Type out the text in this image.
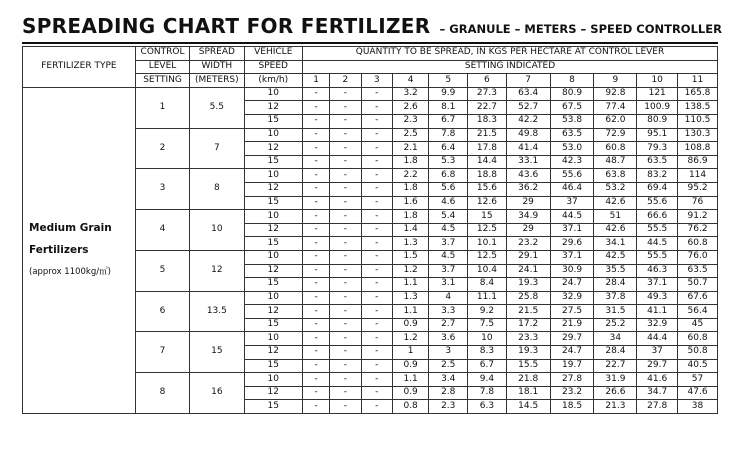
SPREADING CHART FOR FERTILIZER – GRANULE – METERS – SPEED CONTROLLER
FERTILIZER TYPE	CONTROL	SPREAD	VEHICLE	QUANTITY TO BE SPREAD, IN KGS PER HECTARE AT CONTROL LEVER										
	LEVEL	WIDTH	SPEED	SETTING INDICATED										
	SETTING	(METERS)	(km/h)	1	2	3	4	5	6	7	8	9	10	11

Medium Grain
Fertilizers
(approx 1100kg/㎥)	1	5.5	10	-	-	-	3.2	9.9	27.3	63.4	80.9	92.8	121	165.8
			12	-	-	-	2.6	8.1	22.7	52.7	67.5	77.4	100.9	138.5
			15	-	-	-	2.3	6.7	18.3	42.2	53.8	62.0	80.9	110.5
	2	7	10	-	-	-	2.5	7.8	21.5	49.8	63.5	72.9	95.1	130.3
			12	-	-	-	2.1	6.4	17.8	41.4	53.0	60.8	79.3	108.8
			15	-	-	-	1.8	5.3	14.4	33.1	42.3	48.7	63.5	86.9
	3	8	10	-	-	-	2.2	6.8	18.8	43.6	55.6	63.8	83.2	114
			12	-	-	-	1.8	5.6	15.6	36.2	46.4	53.2	69.4	95.2
			15	-	-	-	1.6	4.6	12.6	29	37	42.6	55.6	76
	4	10	10	-	-	-	1.8	5.4	15	34.9	44.5	51	66.6	91.2
			12	-	-	-	1.4	4.5	12.5	29	37.1	42.6	55.5	76.2
			15	-	-	-	1.3	3.7	10.1	23.2	29.6	34.1	44.5	60.8
	5	12	10	-	-	-	1.5	4.5	12.5	29.1	37.1	42.5	55.5	76.0
			12	-	-	-	1.2	3.7	10.4	24.1	30.9	35.5	46.3	63.5
			15	-	-	-	1.1	3.1	8.4	19.3	24.7	28.4	37.1	50.7
	6	13.5	10	-	-	-	1.3	4	11.1	25.8	32.9	37.8	49.3	67.6
			12	-	-	-	1.1	3.3	9.2	21.5	27.5	31.5	41.1	56.4
			15	-	-	-	0.9	2.7	7.5	17.2	21.9	25.2	32.9	45
	7	15	10	-	-	-	1.2	3.6	10	23.3	29.7	34	44.4	60.8
			12	-	-	-	1	3	8.3	19.3	24.7	28.4	37	50.8
			15	-	-	-	0.9	2.5	6.7	15.5	19.7	22.7	29.7	40.5
	8	16	10	-	-	-	1.1	3.4	9.4	21.8	27.8	31.9	41.6	57
			12	-	-	-	0.9	2.8	7.8	18.1	23.2	26.6	34.7	47.6
			15	-	-	-	0.8	2.3	6.3	14.5	18.5	21.3	27.8	38
